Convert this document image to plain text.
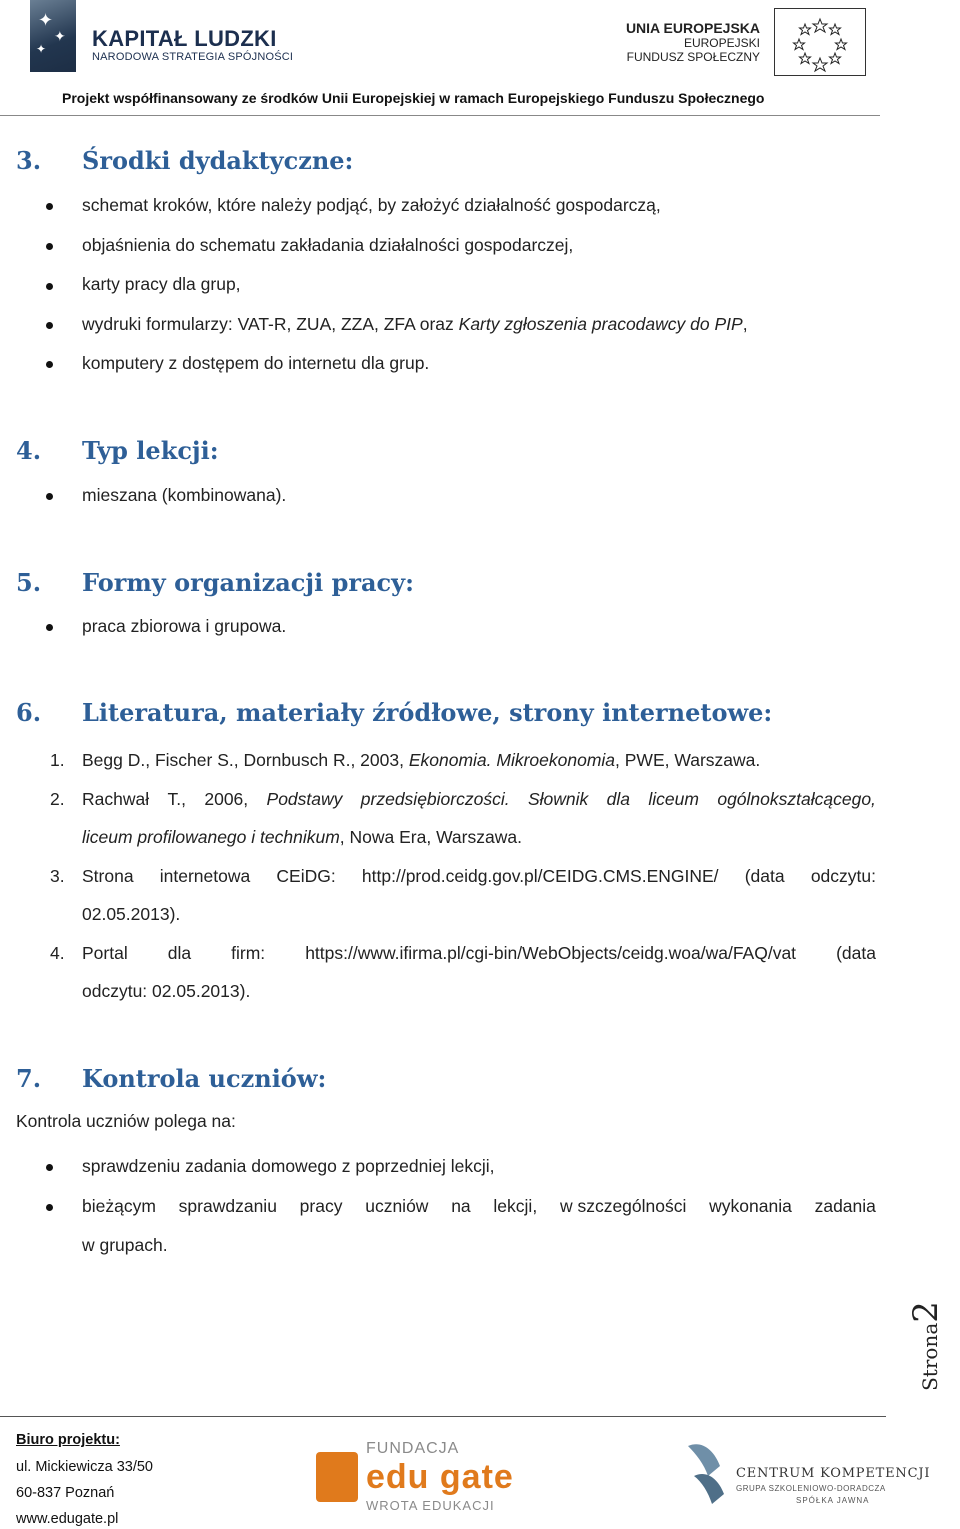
✦
✦
✦ KAPITAŁ LUDZKI
NARODOWA STRATEGIA SPÓJNOŚCI
UNIA EUROPEJSKA
EUROPEJSKI
FUNDUSZ SPOŁECZNY
Projekt współfinansowany ze środków Unii Europejskiej w ramach Europejskiego Funduszu Społecznego
3. Środki dydaktyczne:
schemat kroków, które należy podjąć, by założyć działalność gospodarczą,
objaśnienia do schematu zakładania działalności gospodarczej,
karty pracy dla grup,
wydruki formularzy: VAT-R, ZUA, ZZA, ZFA oraz Karty zgłoszenia pracodawcy do PIP,
komputery z dostępem do internetu dla grup.
4. Typ lekcji:
mieszana (kombinowana).
5. Formy organizacji pracy:
praca zbiorowa i grupowa.
6. Literatura, materiały źródłowe, strony internetowe:
1. Begg D., Fischer S., Dornbusch R., 2003, Ekonomia. Mikroekonomia, PWE, Warszawa.
2. Rachwał T., 2006, Podstawy przedsiębiorczości. Słownik dla liceum ogólnokształcącego,
liceum profilowanego i technikum, Nowa Era, Warszawa.
3. Strona internetowa CEiDG: http://prod.ceidg.gov.pl/CEIDG.CMS.ENGINE/ (data odczytu:
02.05.2013).
4. Portal dla firm: https://www.ifirma.pl/cgi-bin/WebObjects/ceidg.woa/wa/FAQ/vat (data
odczytu: 02.05.2013).
7. Kontrola uczniów:
Kontrola uczniów polega na:
sprawdzeniu zadania domowego z poprzedniej lekcji,
bieżącym sprawdzaniu pracy uczniów na lekcji, w szczególności wykonania zadania
w grupach.
Strona2
Biuro projektu:
ul. Mickiewicza 33/50
60-837 Poznań
www.edugate.pl
FUNDACJA
edu gate
WROTA EDUKACJI
CENTRUM KOMPETENCJI
GRUPA SZKOLENIOWO-DORADCZA
SPÓŁKA JAWNA
